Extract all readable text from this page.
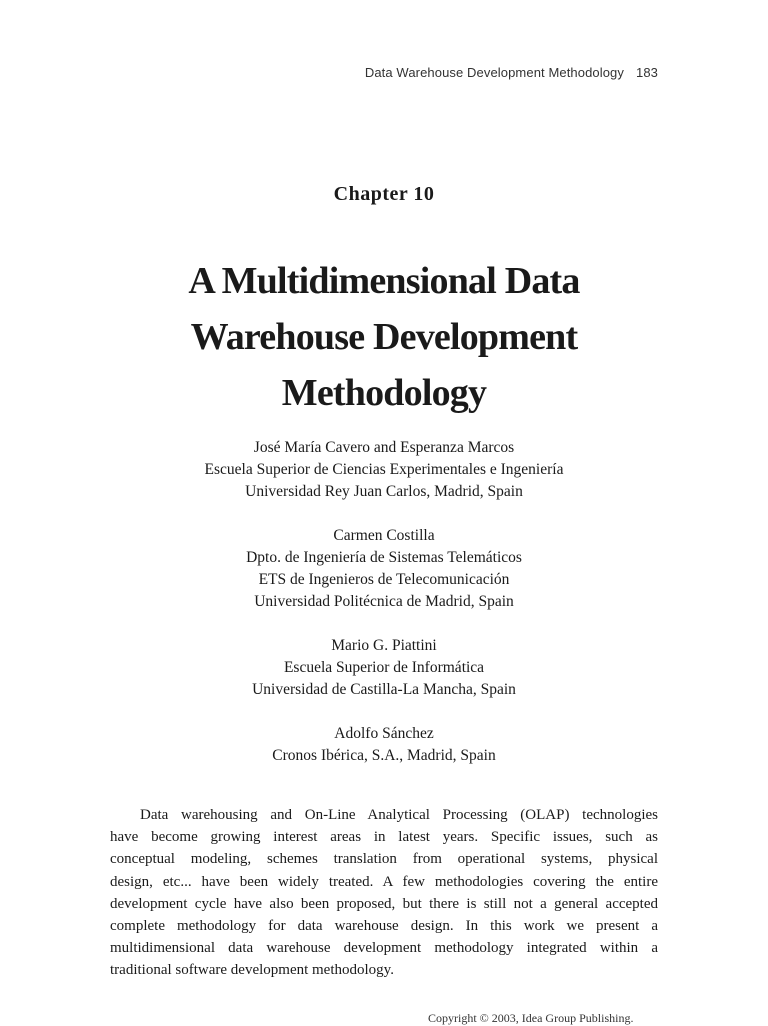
Data Warehouse Development Methodology 183
Chapter 10
A Multidimensional Data
Warehouse Development
Methodology
José María Cavero and Esperanza Marcos
Escuela Superior de Ciencias Experimentales e Ingeniería
Universidad Rey Juan Carlos, Madrid, Spain
Carmen Costilla
Dpto. de Ingeniería de Sistemas Telemáticos
ETS de Ingenieros de Telecomunicación
Universidad Politécnica de Madrid, Spain
Mario G. Piattini
Escuela Superior de Informática
Universidad de Castilla-La Mancha, Spain
Adolfo Sánchez
Cronos Ibérica, S.A., Madrid, Spain
Data warehousing and On-Line Analytical Processing (OLAP) technologies
have become growing interest areas in latest years. Specific issues, such as
conceptual modeling, schemes translation from operational systems, physical
design, etc... have been widely treated. A few methodologies covering the entire
development cycle have also been proposed, but there is still not a general accepted
complete methodology for data warehouse design. In this work we present a
multidimensional data warehouse development methodology integrated within a
traditional software development methodology.
Copyright © 2003, Idea Group Publishing.
